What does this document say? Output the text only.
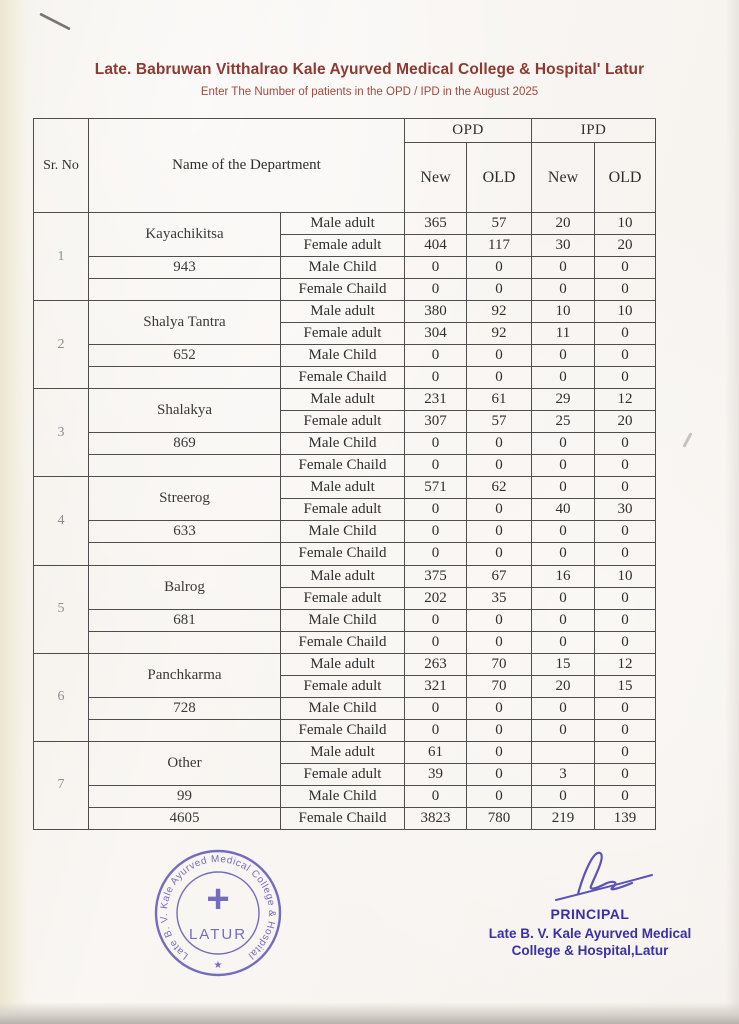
Late. Babruwan Vitthalrao Kale Ayurved Medical College & Hospital' Latur
Enter The Number of patients in the OPD / IPD in the August 2025
Sr. No	Name of the Department		OPD		IPD	
			New	OLD	New	OLD
1	Kayachikitsa	Male adult	365	57	20	10
		Female adult	404	117	30	20
	943	Male Child	0	0	0	0
		Female Chaild	0	0	0	0
2	Shalya Tantra	Male adult	380	92	10	10
		Female adult	304	92	11	0
	652	Male Child	0	0	0	0
		Female Chaild	0	0	0	0
3	Shalakya	Male adult	231	61	29	12
		Female adult	307	57	25	20
	869	Male Child	0	0	0	0
		Female Chaild	0	0	0	0
4	Streerog	Male adult	571	62	0	0
		Female adult	0	0	40	30
	633	Male Child	0	0	0	0
		Female Chaild	0	0	0	0
5	Balrog	Male adult	375	67	16	10
		Female adult	202	35	0	0
	681	Male Child	0	0	0	0
		Female Chaild	0	0	0	0
6	Panchkarma	Male adult	263	70	15	12
		Female adult	321	70	20	15
	728	Male Child	0	0	0	0
		Female Chaild	0	0	0	0
7	Other	Male adult	61	0		0
		Female adult	39	0	3	0
	99	Male Child	0	0	0	0
	4605	Female Chaild	3823	780	219	139
Late B. V. Kale Ayurved Medical College & Hospital
★
+
LATUR
PRINCIPAL
Late B. V. Kale Ayurved Medical
College & Hospital,Latur
